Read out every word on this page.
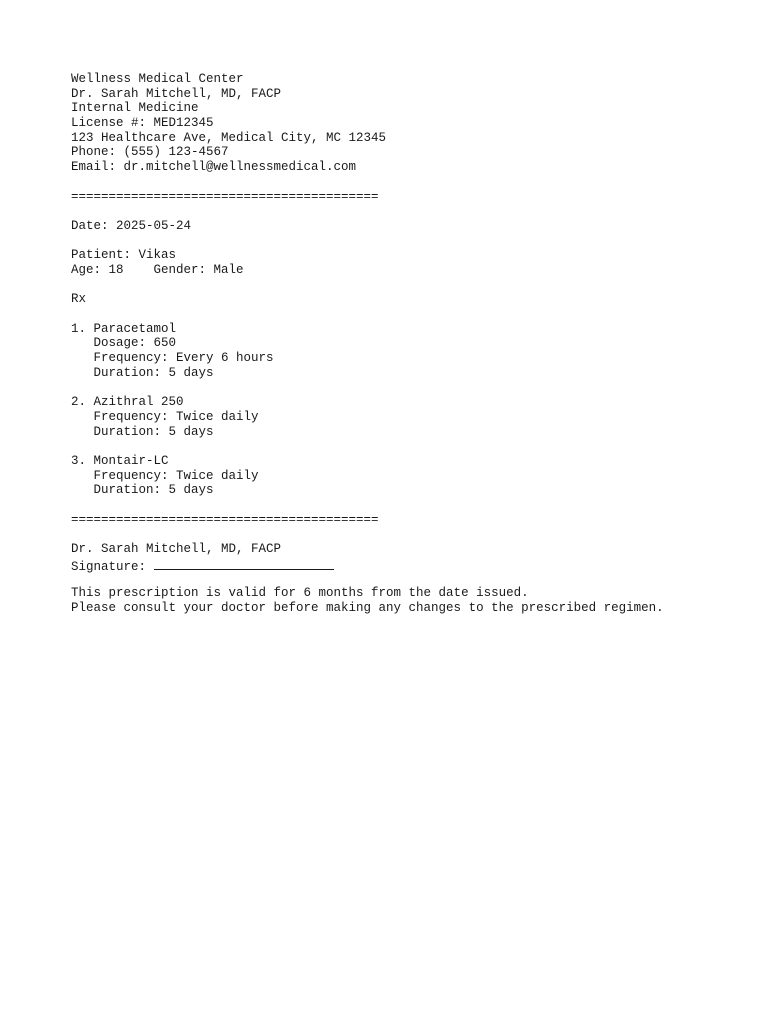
Wellness Medical Center
Dr. Sarah Mitchell, MD, FACP
Internal Medicine
License #: MED12345
123 Healthcare Ave, Medical City, MC 12345
Phone: (555) 123-4567
Email: dr.mitchell@wellnessmedical.com
=========================================
Date: 2025-05-24
Patient: Vikas
Age: 18 Gender: Male
Rx
1. Paracetamol
Dosage: 650
Frequency: Every 6 hours
Duration: 5 days
2. Azithral 250
Frequency: Twice daily
Duration: 5 days
3. Montair-LC
Frequency: Twice daily
Duration: 5 days
=========================================
Dr. Sarah Mitchell, MD, FACP
Signature:
This prescription is valid for 6 months from the date issued.
Please consult your doctor before making any changes to the prescribed regimen.
